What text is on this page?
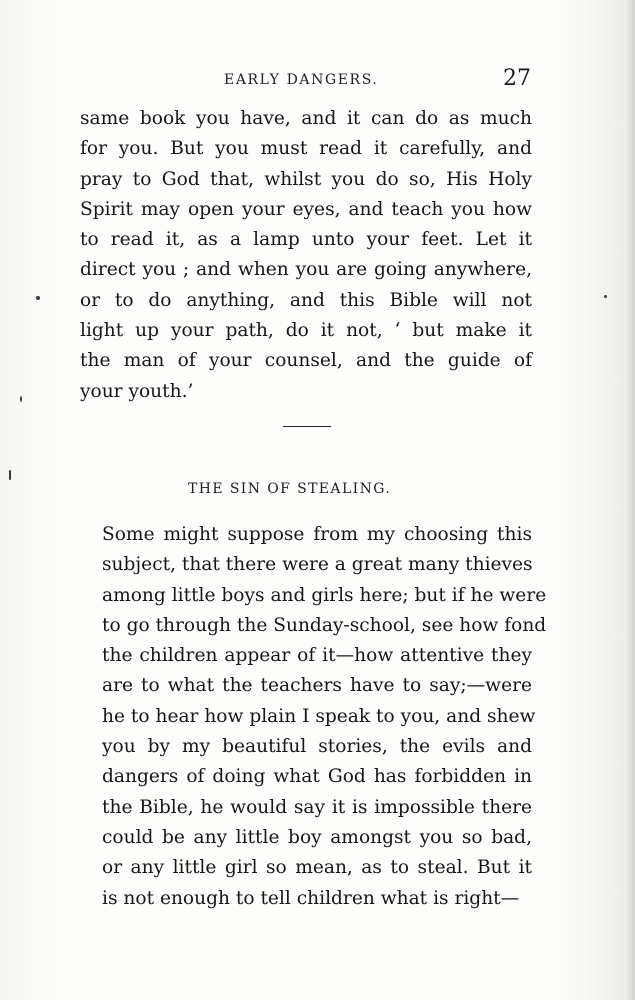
EARLY DANGERS.	27
same book you have, and it can do as much
for you. But you must read it carefully, and
pray to God that, whilst you do so, His Holy
Spirit may open your eyes, and teach you how
to read it, as a lamp unto your feet. Let it
direct you ; and when you are going anywhere,
or to do anything, and this Bible will not
light up your path, do it not, ‘ but make it
the man of your counsel, and the guide of
your youth.’
THE SIN OF STEALING.
Some might suppose from my choosing this
subject, that there were a great many thieves
among little boys and girls here; but if he were
to go through the Sunday-school, see how fond
the children appear of it—how attentive they
are to what the teachers have to say;—were
he to hear how plain I speak to you, and shew
you by my beautiful stories, the evils and
dangers of doing what God has forbidden in
the Bible, he would say it is impossible there
could be any little boy amongst you so bad,
or any little girl so mean, as to steal. But it
is not enough to tell children what is right—
